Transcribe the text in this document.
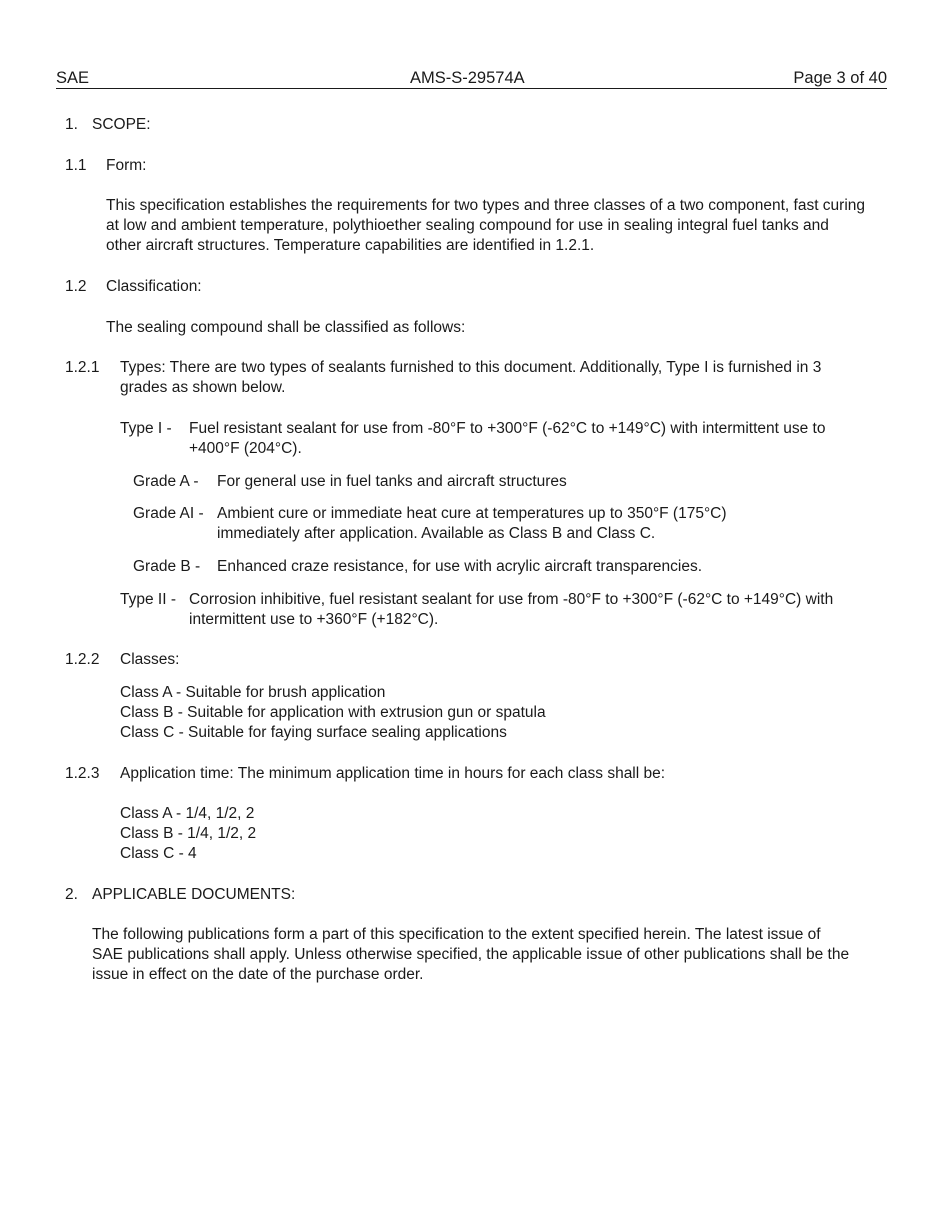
SAE	AMS-S-29574A	Page 3 of 40
1. SCOPE:
1.1 Form:
This specification establishes the requirements for two types and three classes of a two component, fast curing at low and ambient temperature, polythioether sealing compound for use in sealing integral fuel tanks and other aircraft structures. Temperature capabilities are identified in 1.2.1.
1.2 Classification:
The sealing compound shall be classified as follows:
1.2.1 Types: There are two types of sealants furnished to this document. Additionally, Type I is furnished in 3 grades as shown below.
Type I - Fuel resistant sealant for use from -80°F to +300°F (-62°C to +149°C) with intermittent use to +400°F (204°C).
Grade A - For general use in fuel tanks and aircraft structures
Grade AI - Ambient cure or immediate heat cure at temperatures up to 350°F (175°C) immediately after application. Available as Class B and Class C.
Grade B - Enhanced craze resistance, for use with acrylic aircraft transparencies.
Type II - Corrosion inhibitive, fuel resistant sealant for use from -80°F to +300°F (-62°C to +149°C) with intermittent use to +360°F (+182°C).
1.2.2 Classes:
Class A - Suitable for brush application
Class B - Suitable for application with extrusion gun or spatula
Class C - Suitable for faying surface sealing applications
1.2.3 Application time: The minimum application time in hours for each class shall be:
Class A - 1/4, 1/2, 2
Class B - 1/4, 1/2, 2
Class C - 4
2. APPLICABLE DOCUMENTS:
The following publications form a part of this specification to the extent specified herein. The latest issue of SAE publications shall apply. Unless otherwise specified, the applicable issue of other publications shall be the issue in effect on the date of the purchase order.
